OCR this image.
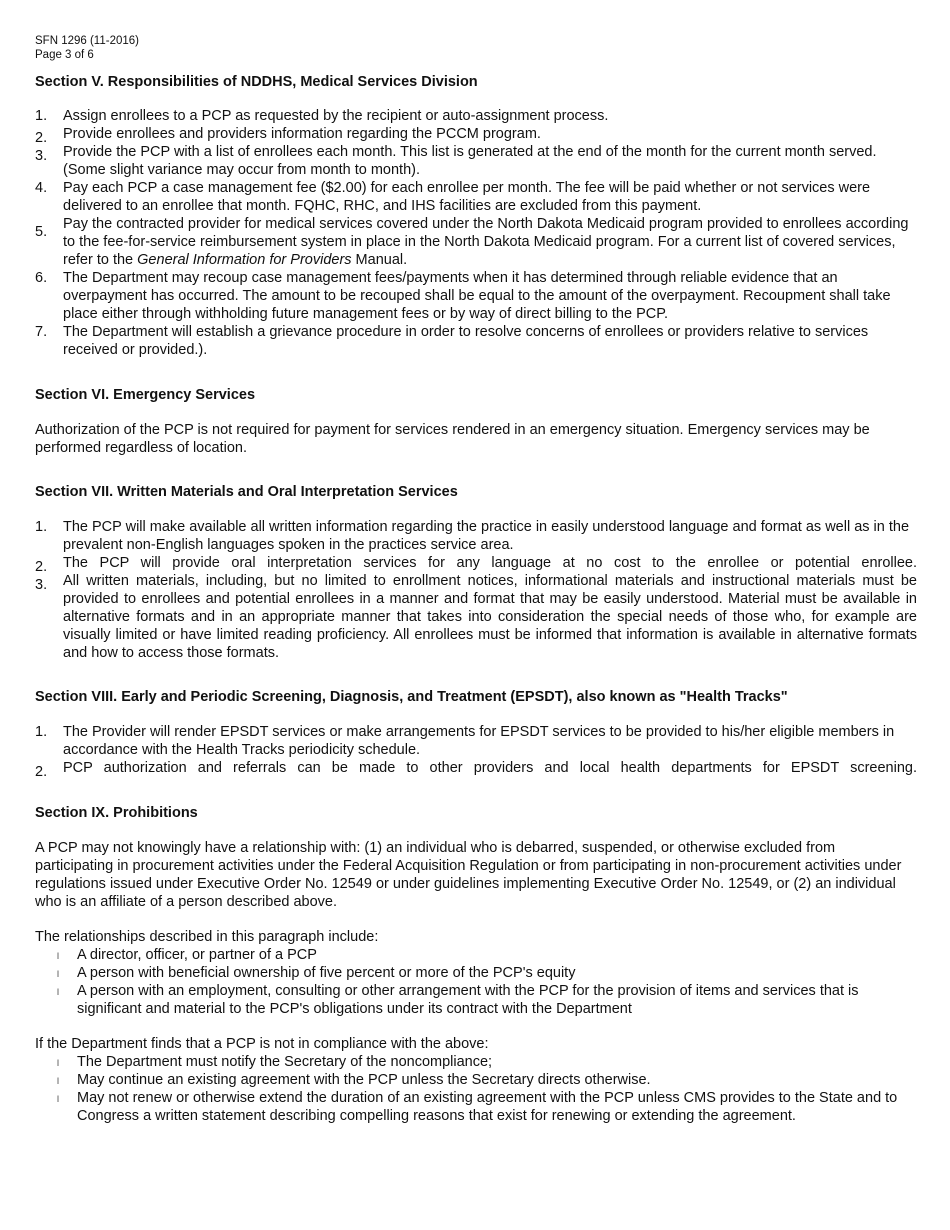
SFN 1296 (11-2016)
Page 3 of 6
Section V. Responsibilities of NDDHS, Medical Services Division
1. Assign enrollees to a PCP as requested by the recipient or auto-assignment process.
2. Provide enrollees and providers information regarding the PCCM program.
3. Provide the PCP with a list of enrollees each month. This list is generated at the end of the month for the current month served. (Some slight variance may occur from month to month).
4. Pay each PCP a case management fee ($2.00) for each enrollee per month. The fee will be paid whether or not services were delivered to an enrollee that month. FQHC, RHC, and IHS facilities are excluded from this payment.
5. Pay the contracted provider for medical services covered under the North Dakota Medicaid program provided to enrollees according to the fee-for-service reimbursement system in place in the North Dakota Medicaid program. For a current list of covered services, refer to the General Information for Providers Manual.
6. The Department may recoup case management fees/payments when it has determined through reliable evidence that an overpayment has occurred. The amount to be recouped shall be equal to the amount of the overpayment. Recoupment shall take place either through withholding future management fees or by way of direct billing to the PCP.
7. The Department will establish a grievance procedure in order to resolve concerns of enrollees or providers relative to services received or provided.).
Section VI. Emergency Services

Authorization of the PCP is not required for payment for services rendered in an emergency situation. Emergency services may be performed regardless of location.

Section VII. Written Materials and Oral Interpretation Services
1. The PCP will make available all written information regarding the practice in easily understood language and format as well as in the prevalent non-English languages spoken in the practices service area.
2. The PCP will provide oral interpretation services for any language at no cost to the enrollee or potential enrollee.
3. All written materials, including, but no limited to enrollment notices, informational materials and instructional materials must be provided to enrollees and potential enrollees in a manner and format that may be easily understood. Material must be available in alternative formats and in an appropriate manner that takes into consideration the special needs of those who, for example are visually limited or have limited reading proficiency. All enrollees must be informed that information is available in alternative formats and how to access those formats.
Section VIII. Early and Periodic Screening, Diagnosis, and Treatment (EPSDT), also known as "Health Tracks"
1. The Provider will render EPSDT services or make arrangements for EPSDT services to be provided to his/her eligible members in accordance with the Health Tracks periodicity schedule.
2. PCP authorization and referrals can be made to other providers and local health departments for EPSDT screening.
Section IX. Prohibitions

A PCP may not knowingly have a relationship with: (1) an individual who is debarred, suspended, or otherwise excluded from participating in procurement activities under the Federal Acquisition Regulation or from participating in non-procurement activities under regulations issued under Executive Order No. 12549 or under guidelines implementing Executive Order No. 12549, or (2) an individual who is an affiliate of a person described above.

The relationships described in this paragraph include:

l A director, officer, or partner of a PCP
l A person with beneficial ownership of five percent or more of the PCP's equity
l A person with an employment, consulting or other arrangement with the PCP for the provision of items and services that is significant and material to the PCP's obligations under its contract with the Department

If the Department finds that a PCP is not in compliance with the above:

l The Department must notify the Secretary of the noncompliance;
l May continue an existing agreement with the PCP unless the Secretary directs otherwise.
l May not renew or otherwise extend the duration of an existing agreement with the PCP unless CMS provides to the State and to Congress a written statement describing compelling reasons that exist for renewing or extending the agreement.
